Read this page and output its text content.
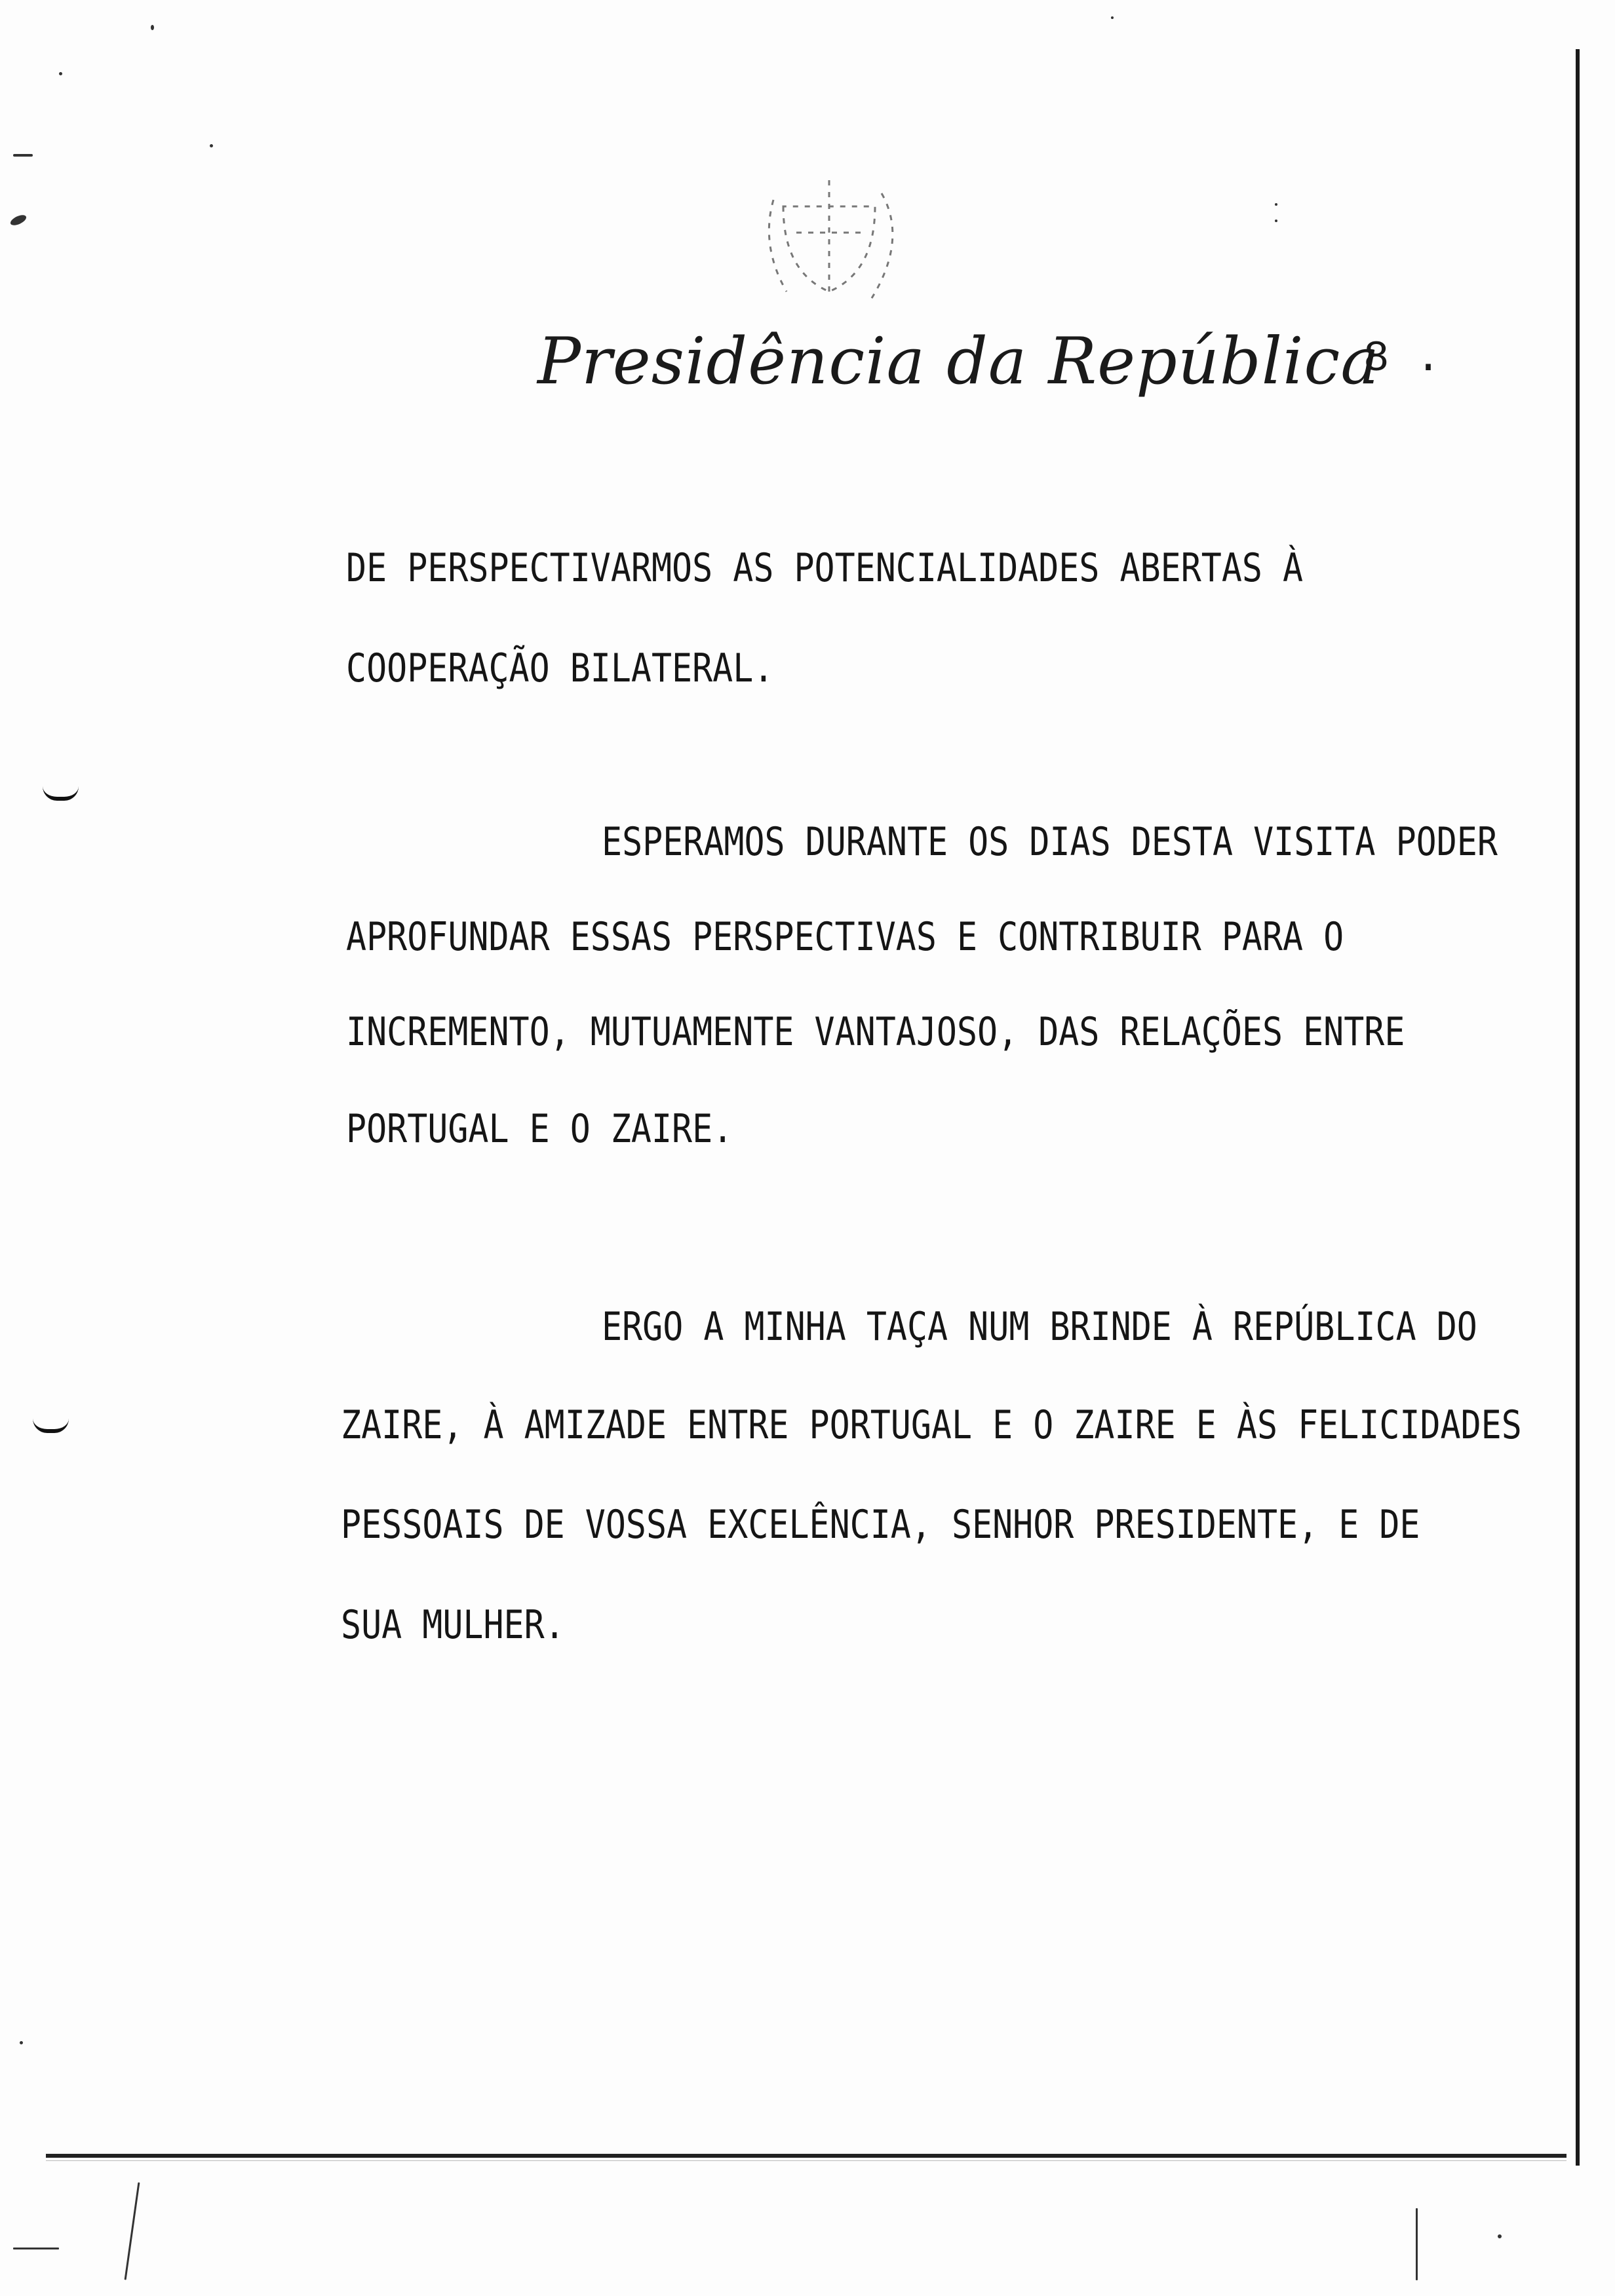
Presidência da República
8 .
DE PERSPECTIVARMOS AS POTENCIALIDADES ABERTAS À
COOPERAÇÃO BILATERAL.
ESPERAMOS DURANTE OS DIAS DESTA VISITA PODER
APROFUNDAR ESSAS PERSPECTIVAS E CONTRIBUIR PARA O
INCREMENTO, MUTUAMENTE VANTAJOSO, DAS RELAÇÕES ENTRE
PORTUGAL E O ZAIRE.
ERGO A MINHA TAÇA NUM BRINDE À REPÚBLICA DO
ZAIRE, À AMIZADE ENTRE PORTUGAL E O ZAIRE E ÀS FELICIDADES
PESSOAIS DE VOSSA EXCELÊNCIA, SENHOR PRESIDENTE, E DE
SUA MULHER.
